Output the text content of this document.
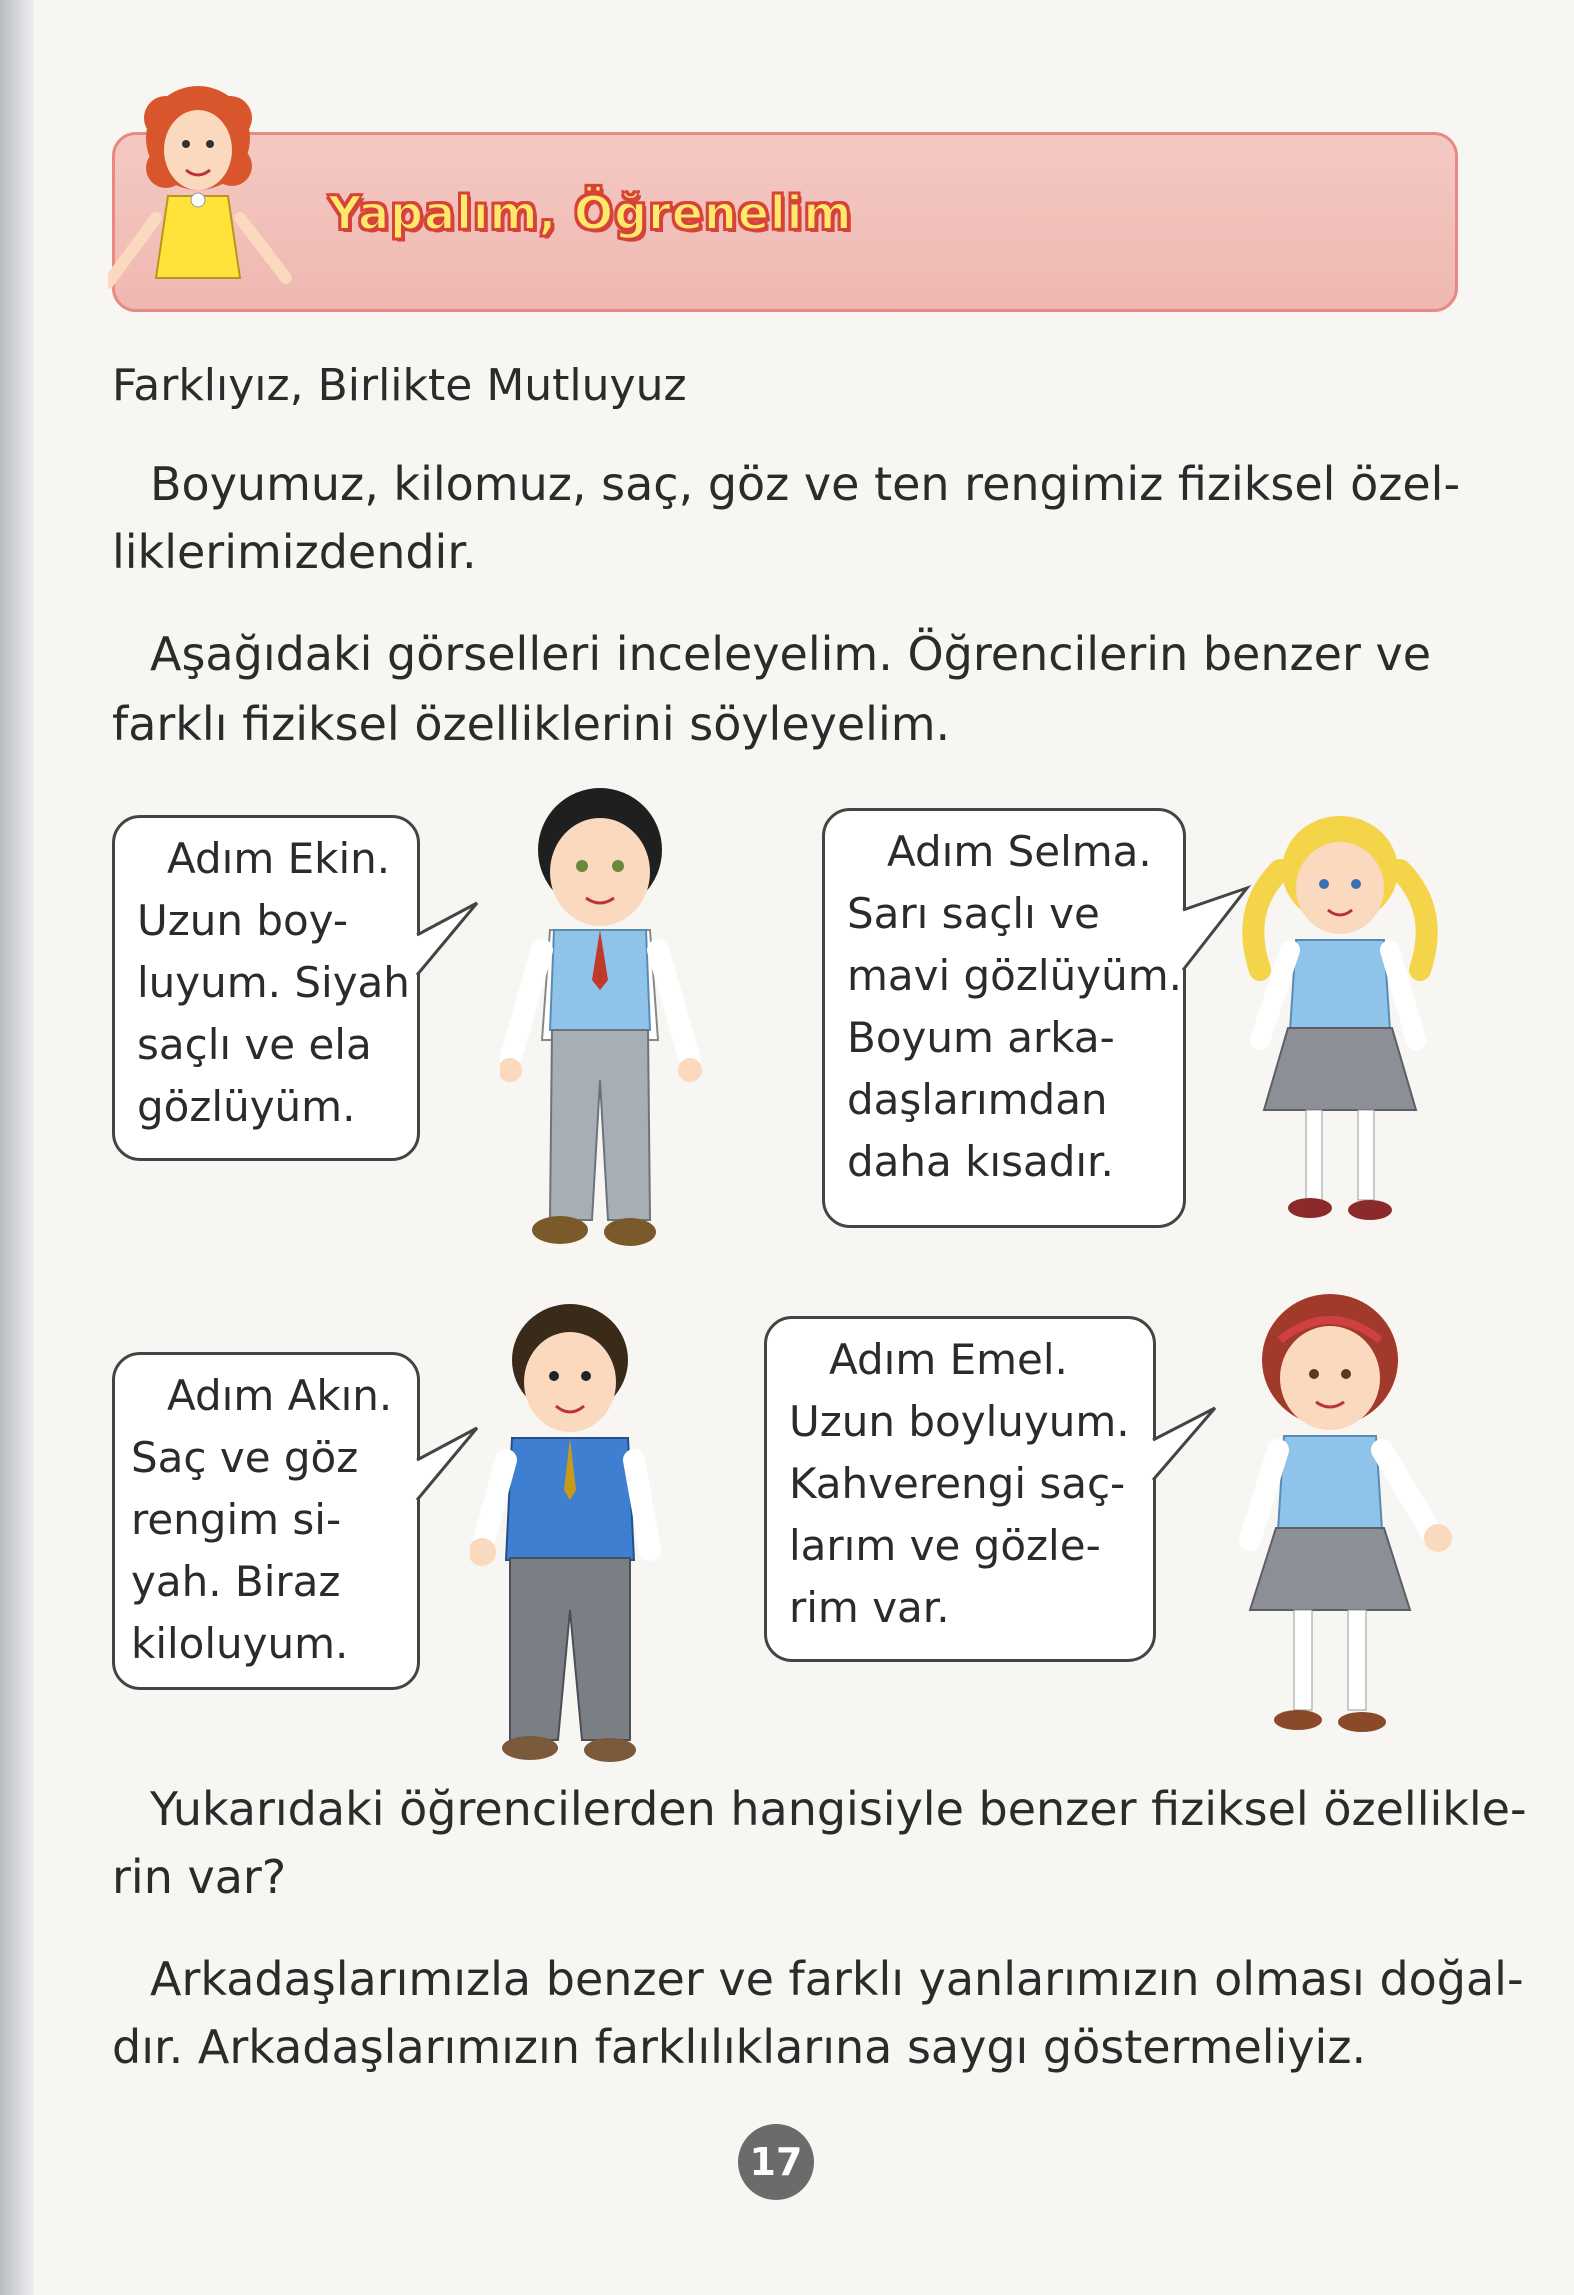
Yapalım, Öğrenelim
Farklıyız, Birlikte Mutluyuz
Boyumuz, kilomuz, saç, göz ve ten rengimiz fiziksel özel-
liklerimizdendir.
Aşağıdaki görselleri inceleyelim. Öğrencilerin benzer ve
farklı fiziksel özelliklerini söyleyelim.
Adım Ekin.
Uzun boy-
luyum. Siyah
saçlı ve ela
gözlüyüm.
Adım Selma.
Sarı saçlı ve
mavi gözlüyüm.
Boyum arka-
daşlarımdan
daha kısadır.
Adım Akın.
Saç ve göz
rengim si-
yah. Biraz
kiloluyum.
Adım Emel.
Uzun boyluyum.
Kahverengi saç-
larım ve gözle-
rim var.
Yukarıdaki öğrencilerden hangisiyle benzer fiziksel özellikle-
rin var?
Arkadaşlarımızla benzer ve farklı yanlarımızın olması doğal-
dır. Arkadaşlarımızın farklılıklarına saygı göstermeliyiz.
17
